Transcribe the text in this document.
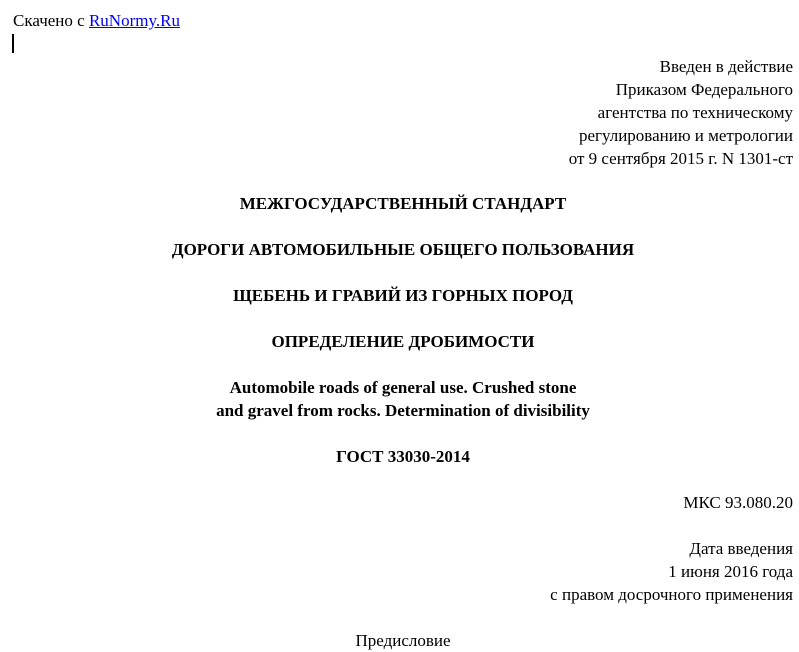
Скачено с RuNormy.Ru
Введен в действие
Приказом Федерального
агентства по техническому
регулированию и метрологии
от 9 сентября 2015 г. N 1301-ст
МЕЖГОСУДАРСТВЕННЫЙ СТАНДАРТ
ДОРОГИ АВТОМОБИЛЬНЫЕ ОБЩЕГО ПОЛЬЗОВАНИЯ
ЩЕБЕНЬ И ГРАВИЙ ИЗ ГОРНЫХ ПОРОД
ОПРЕДЕЛЕНИЕ ДРОБИМОСТИ
Automobile roads of general use. Crushed stone
and gravel from rocks. Determination of divisibility
ГОСТ 33030-2014
МКС 93.080.20
Дата введения
1 июня 2016 года
с правом досрочного применения
Предисловие
